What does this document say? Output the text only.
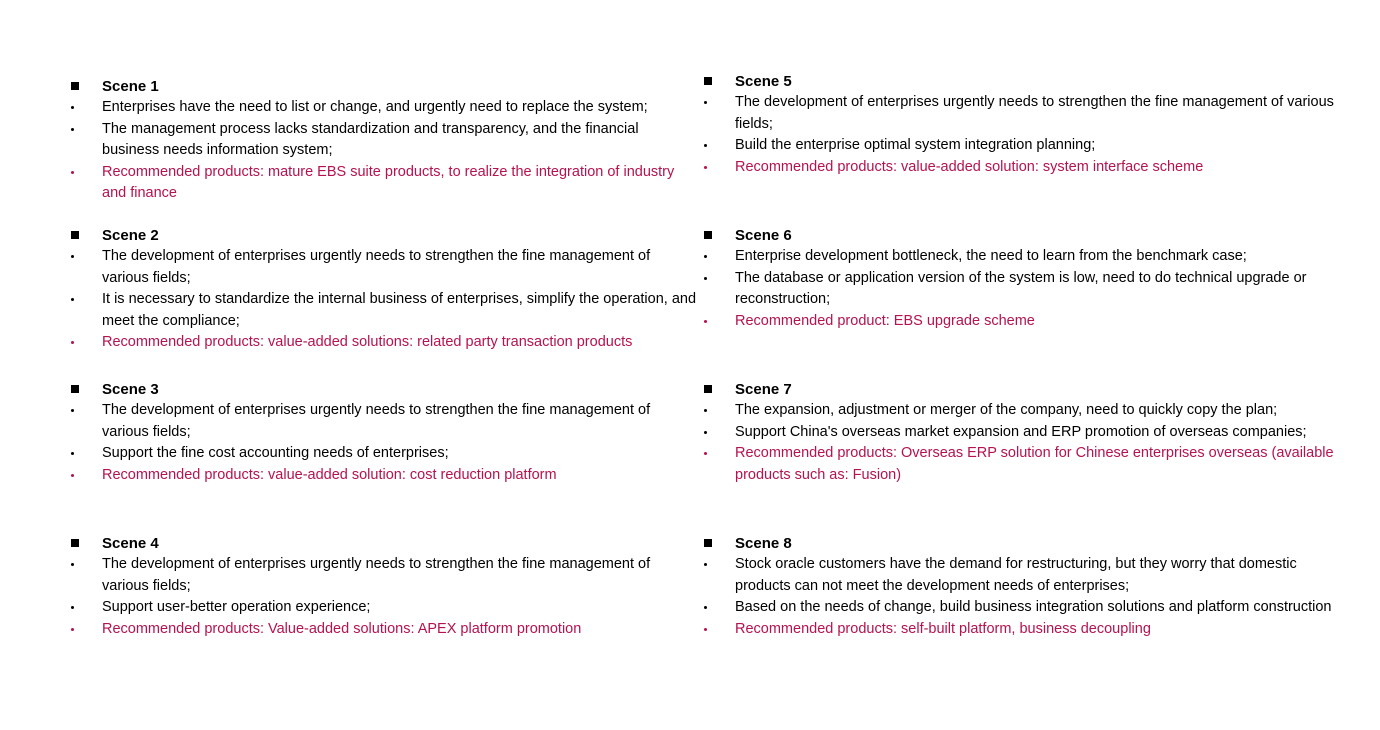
Scene 1
Enterprises have the need to list or change, and urgently need to replace the system;
The management process lacks standardization and transparency, and the financial business needs information system;
Recommended products: mature EBS suite products, to realize the integration of industry and finance
Scene 2
The development of enterprises urgently needs to strengthen the fine management of various fields;
It is necessary to standardize the internal business of enterprises, simplify the operation, and meet the compliance;
Recommended products: value-added solutions: related party transaction products
Scene 3
The development of enterprises urgently needs to strengthen the fine management of various fields;
Support the fine cost accounting needs of enterprises;
Recommended products: value-added solution: cost reduction platform
Scene 4
The development of enterprises urgently needs to strengthen the fine management of various fields;
Support user-better operation experience;
Recommended products: Value-added solutions: APEX platform promotion
Scene 5
The development of enterprises urgently needs to strengthen the fine management of various fields;
Build the enterprise optimal system integration planning;
Recommended products: value-added solution: system interface scheme
Scene 6
Enterprise development bottleneck, the need to learn from the benchmark case;
The database or application version of the system is low, need to do technical upgrade or reconstruction;
Recommended product: EBS upgrade scheme
Scene 7
The expansion, adjustment or merger of the company, need to quickly copy the plan;
Support China's overseas market expansion and ERP promotion of overseas companies;
Recommended products: Overseas ERP solution for Chinese enterprises overseas (available products such as: Fusion)
Scene 8
Stock oracle customers have the demand for restructuring, but they worry that domestic products can not meet the development needs of enterprises;
Based on the needs of change, build business integration solutions and platform construction
Recommended products: self-built platform, business decoupling
